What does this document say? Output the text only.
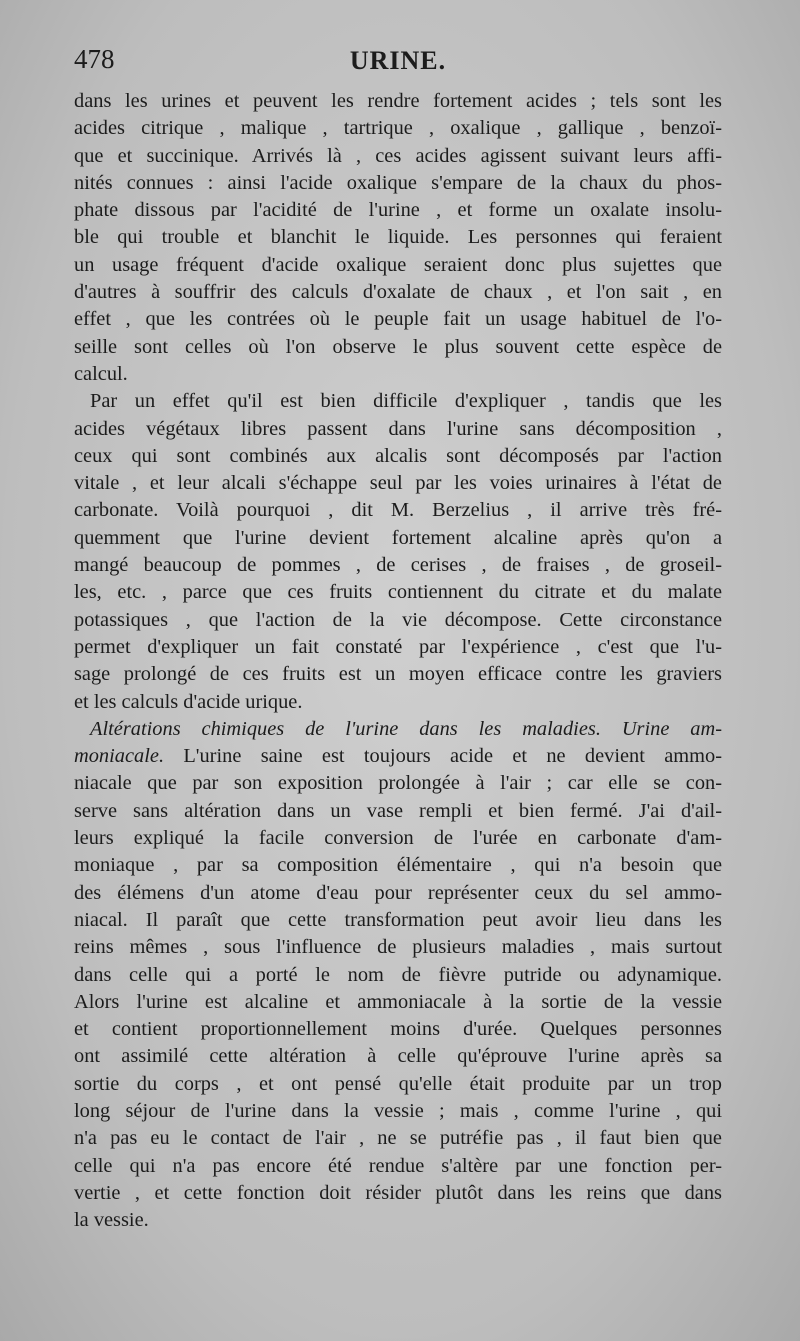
478	URINE.
dans les urines et peuvent les rendre fortement acides ; tels sont les
acides citrique , malique , tartrique , oxalique , gallique , benzoï-
que et succinique. Arrivés là , ces acides agissent suivant leurs affi-
nités connues : ainsi l'acide oxalique s'empare de la chaux du phos-
phate dissous par l'acidité de l'urine , et forme un oxalate insolu-
ble qui trouble et blanchit le liquide. Les personnes qui feraient
un usage fréquent d'acide oxalique seraient donc plus sujettes que
d'autres à souffrir des calculs d'oxalate de chaux , et l'on sait , en
effet , que les contrées où le peuple fait un usage habituel de l'o-
seille sont celles où l'on observe le plus souvent cette espèce de
calcul.
Par un effet qu'il est bien difficile d'expliquer , tandis que les
acides végétaux libres passent dans l'urine sans décomposition ,
ceux qui sont combinés aux alcalis sont décomposés par l'action
vitale , et leur alcali s'échappe seul par les voies urinaires à l'état de
carbonate. Voilà pourquoi , dit M. Berzelius , il arrive très fré-
quemment que l'urine devient fortement alcaline après qu'on a
mangé beaucoup de pommes , de cerises , de fraises , de groseil-
les, etc. , parce que ces fruits contiennent du citrate et du malate
potassiques , que l'action de la vie décompose. Cette circonstance
permet d'expliquer un fait constaté par l'expérience , c'est que l'u-
sage prolongé de ces fruits est un moyen efficace contre les graviers
et les calculs d'acide urique.
Altérations chimiques de l'urine dans les maladies. Urine am-
moniacale. L'urine saine est toujours acide et ne devient ammo-
niacale que par son exposition prolongée à l'air ; car elle se con-
serve sans altération dans un vase rempli et bien fermé. J'ai d'ail-
leurs expliqué la facile conversion de l'urée en carbonate d'am-
moniaque , par sa composition élémentaire , qui n'a besoin que
des élémens d'un atome d'eau pour représenter ceux du sel ammo-
niacal. Il paraît que cette transformation peut avoir lieu dans les
reins mêmes , sous l'influence de plusieurs maladies , mais surtout
dans celle qui a porté le nom de fièvre putride ou adynamique.
Alors l'urine est alcaline et ammoniacale à la sortie de la vessie
et contient proportionnellement moins d'urée. Quelques personnes
ont assimilé cette altération à celle qu'éprouve l'urine après sa
sortie du corps , et ont pensé qu'elle était produite par un trop
long séjour de l'urine dans la vessie ; mais , comme l'urine , qui
n'a pas eu le contact de l'air , ne se putréfie pas , il faut bien que
celle qui n'a pas encore été rendue s'altère par une fonction per-
vertie , et cette fonction doit résider plutôt dans les reins que dans
la vessie.
